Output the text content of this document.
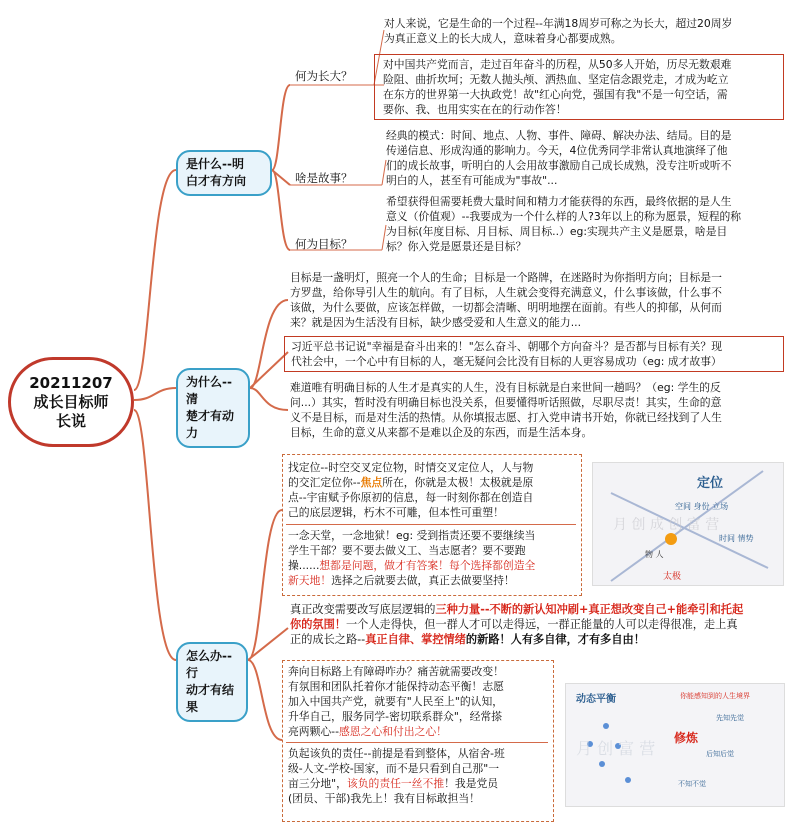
20211207
成长目标师
长说
是什么--明
白才有方向
为什么--清
楚才有动力
怎么办--行
动才有结果
何为长大？
对人来说，它是生命的一个过程--年满18周岁可称之为长大，超过20周岁
为真正意义上的长大成人，意味着身心都要成熟。
对中国共产党而言，走过百年奋斗的历程，从50多人开始，历尽无数艰难
险阻、曲折坎坷；无数人抛头颅、洒热血、坚定信念跟党走，才成为屹立
在东方的世界第一大执政党！故"红心向党，强国有我"不是一句空话，需
要你、我、也用实实在在的行动作答！
啥是故事？
经典的模式：时间、地点、人物、事件、障碍、解决办法、结局。目的是
传递信息、形成沟通的影响力。今天，4位优秀同学非常认真地演绎了他
们的成长故事，听明白的人会用故事激励自己成长成熟，没专注听或听不
明白的人，甚至有可能成为"事故"...
何为目标？
希望获得但需要耗费大量时间和精力才能获得的东西，最终依据的是人生
意义（价值观）--我要成为一个什么样的人?3年以上的称为愿景，短程的称
为目标(年度目标、月目标、周目标..）eg:实现共产主义是愿景，啥是目
标？你入党是愿景还是目标？
目标是一盏明灯，照亮一个人的生命；目标是一个路牌，在迷路时为你指明方向；目标是一
方罗盘，给你导引人生的航向。有了目标，人生就会变得充满意义，什么事该做，什么事不
该做，为什么要做，应该怎样做，一切都会清晰、明明地摆在面前。有些人的抑郁，从何而
来？就是因为生活没有目标，缺少感受爱和人生意义的能力...
习近平总书记说"幸福是奋斗出来的！"怎么奋斗、朝哪个方向奋斗？是否都与目标有关？现
代社会中，一个心中有目标的人，毫无疑问会比没有目标的人更容易成功（eg: 成才故事）
难道唯有明确目标的人生才是真实的人生，没有目标就是白来世间一趟吗？（eg: 学生的反
问...）其实，暂时没有明确目标也没关系，但要懂得听话照做，尽职尽责！其实，生命的意
义不是目标，而是对生活的热情。从你填报志愿、打入党申请书开始，你就已经找到了人生
目标，生命的意义从来都不是难以企及的东西，而是生活本身。
找定位--时空交叉定位物，时情交叉定位人，人与物
的交汇定位你--焦点所在，你就是太极！太极就是原
点--宇宙赋予你原初的信息，每一时刻你都在创造自
己的底层逻辑，朽木不可雕，但本性可重塑！
一念天堂，一念地狱！eg: 受到指责还要不要继续当
学生干部？要不要去做义工、当志愿者？要不要跑
操......想都是问题，做才有答案！每个选择都创造全
新天地！选择之后就要去做，真正去做要坚持！
定位
空间 身份 立场
物 人
时间 情势
太极
月 创 成 创 富 营
真正改变需要改写底层逻辑的三种力量--不断的新认知冲刷+真正想改变自己+能牵引和托起
你的氛围！一个人走得快，但一群人才可以走得远，一群正能量的人可以走得很准，走上真
正的成长之路--真正自律、掌控情绪的新路！人有多自律，才有多自由！
奔向目标路上有障碍咋办？痛苦就需要改变！
有氛围和团队托着你才能保持动态平衡！志愿
加入中国共产党，就要有"人民至上"的认知，
升华自己，服务同学-密切联系群众"，经常搽
亮两颗心--感恩之心和付出之心！
负起该负的责任--前提是看到整体，从宿舍-班
级-人文-学校-国家，而不是只看到自己那"一
亩三分地"，该负的责任一丝不推！我是党员
(团员、干部)我先上！我有目标敢担当！
动态平衡	你能感知到的人生境界
修炼
先知先觉
后知后觉
不知不觉
月 创 富 营
